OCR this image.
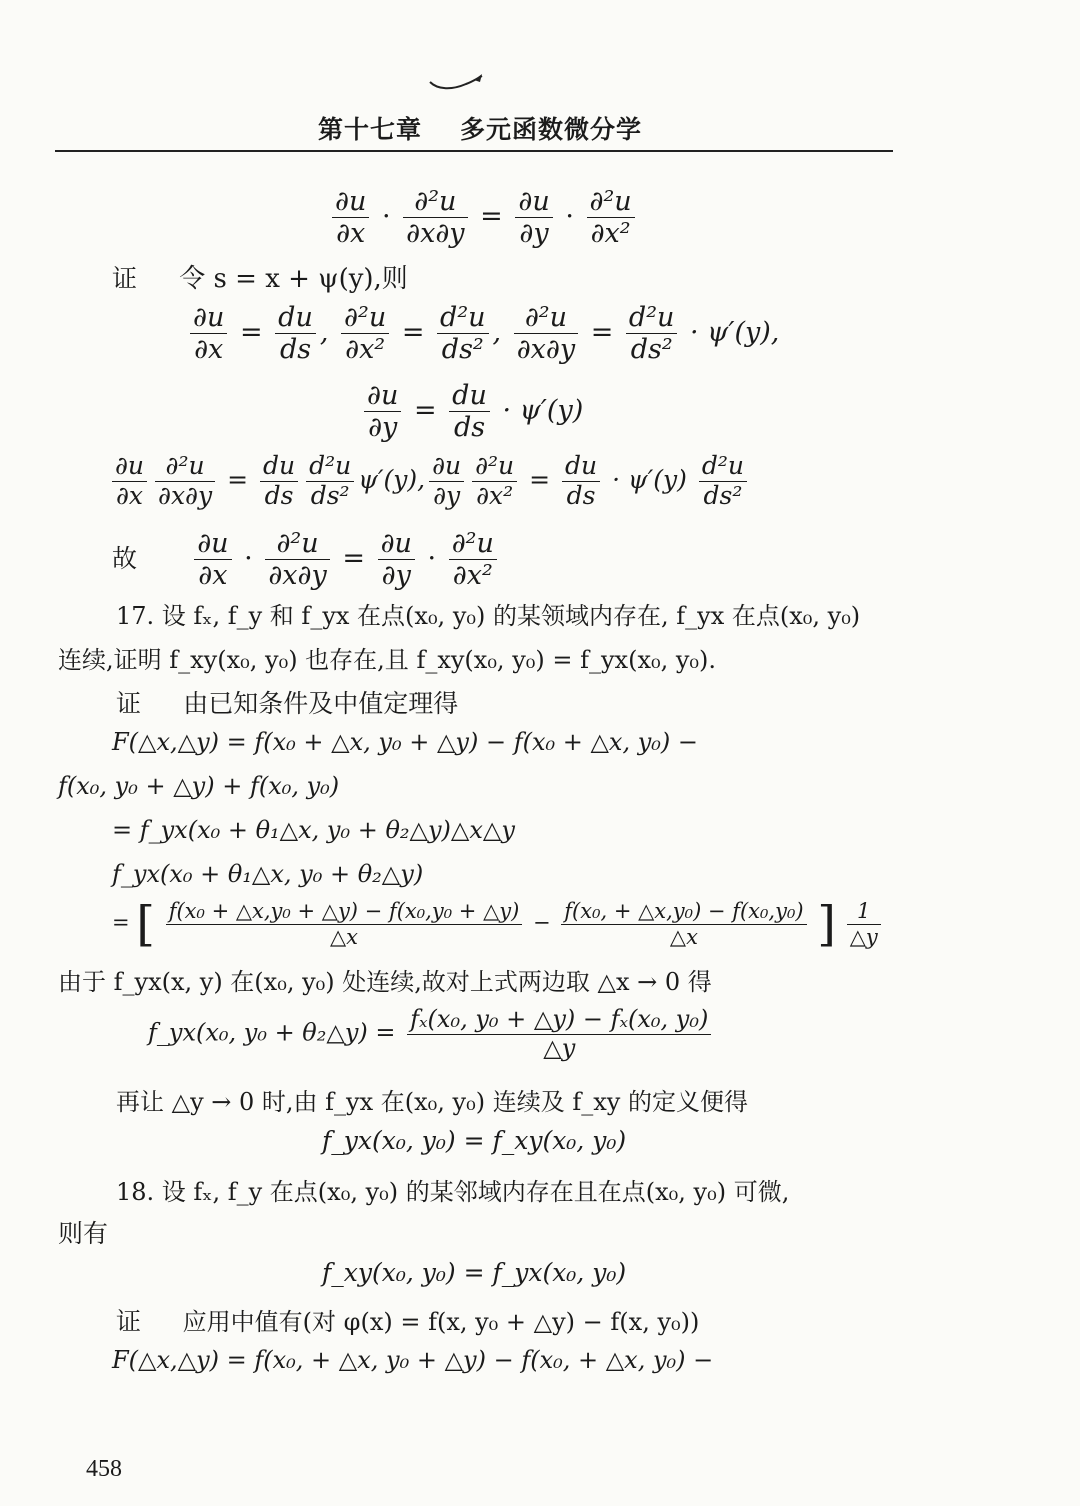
第十七章 多元函数微分学
$\frac{\partial u}{\partial x} \cdot \frac{\text{∂²u}}{\partial x\partial y} = \frac{\partial u}{\partial y} \cdot \frac{\text{∂²u}}{\text{∂x²}}$
证 令 s = x + ψ(y),则
$\frac{\partial u}{\partial x} = \frac{du}{ds}$ , $\frac{\text{∂²u}}{\text{∂x²}} = \frac{\text{d²u}}{\text{ds²}}$ , $\frac{\text{∂²u}}{\partial x\partial y} = \frac{\text{d²u}}{\text{ds²}} \cdot \psi'(y)$,
$\frac{\partial u}{\partial y} = \frac{du}{ds} \cdot \psi'(y)$
$\frac{\partial u}{\partial x} \frac{\text{∂²u}}{\partial x\partial y} = \frac{du}{ds} \frac{\text{d²u}}{\text{ds²}} \psi'(y)$, $\frac{\partial u}{\partial y} \frac{\text{∂²u}}{\text{∂x²}} = \frac{du}{ds} \cdot \psi'(y) \frac{\text{d²u}}{\text{ds²}}$
故 $\frac{\partial u}{\partial x} \cdot \frac{\text{∂²u}}{\partial x\partial y} = \frac{\partial u}{\partial y} \cdot \frac{\text{∂²u}}{\text{∂x²}}$
17. 设 fₓ, f_y 和 f_yx 在点(x₀, y₀) 的某领域内存在, f_yx 在点(x₀, y₀)
连续,证明 f_xy(x₀, y₀) 也存在,且 f_xy(x₀, y₀) = f_yx(x₀, y₀).
证 由已知条件及中值定理得
F(△x,△y) = f(x₀ + △x, y₀ + △y) − f(x₀ + △x, y₀) −
f(x₀, y₀ + △y) + f(x₀, y₀)
= f_yx(x₀ + θ₁△x, y₀ + θ₂△y)△x△y
f_yx(x₀ + θ₁△x, y₀ + θ₂△y)
= [ $\frac{\text{f(x₀ + △x,y₀ + △y) − f(x₀,y₀ + △y)}}{\triangle x} - \frac{\text{f(x₀, + △x,y₀) − f(x₀,y₀)}}{\triangle x}$ ] $\frac{1}{\triangle y}$
由于 f_yx(x, y) 在(x₀, y₀) 处连续,故对上式两边取 △x → 0 得
f_yx(x₀, y₀ + θ₂△y) = $\frac{\text{fₓ(x₀, y₀ + △y) − fₓ(x₀, y₀)}}{\triangle y}$
再让 △y → 0 时,由 f_yx 在(x₀, y₀) 连续及 f_xy 的定义便得
f_yx(x₀, y₀) = f_xy(x₀, y₀)
18. 设 fₓ, f_y 在点(x₀, y₀) 的某邻域内存在且在点(x₀, y₀) 可微,
则有
f_xy(x₀, y₀) = f_yx(x₀, y₀)
证 应用中值有(对 φ(x) = f(x, y₀ + △y) − f(x, y₀))
F(△x,△y) = f(x₀, + △x, y₀ + △y) − f(x₀, + △x, y₀) −
458
